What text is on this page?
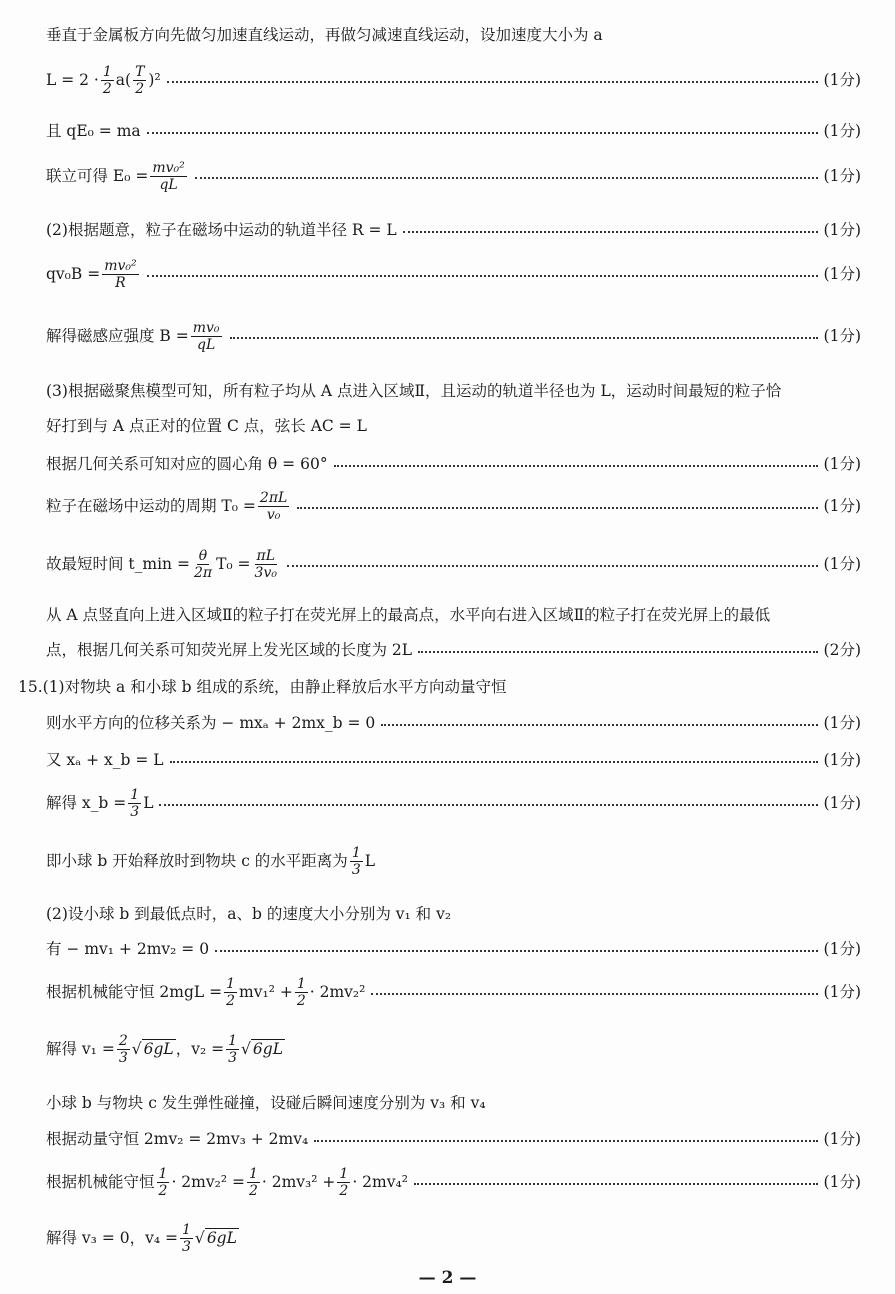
垂直于金属板方向先做匀加速直线运动，再做匀减速直线运动，设加速度大小为 a
$L = 2 \cdot \frac{1}{2} a( \frac{T}{2} )^2$	(1分)
且 qE₀ = ma	(1分)
联立可得 $E_0 = \frac{\text{mv₀²}}{qL}$	(1分)
(2)根据题意，粒子在磁场中运动的轨道半径 R = L	(1分)
$qv_0B = \frac{\text{mv₀²}}{R}$	(1分)
解得磁感应强度 $B = \frac{\text{mv₀}}{qL}$	(1分)
(3)根据磁聚焦模型可知，所有粒子均从 A 点进入区域Ⅱ，且运动的轨道半径也为 L，运动时间最短的粒子恰
好打到与 A 点正对的位置 C 点，弦长 AC = L
根据几何关系可知对应的圆心角 θ = 60°	(1分)
粒子在磁场中运动的周期 $T_0 = \frac{2\pi L}{\text{v₀}}$	(1分)
故最短时间 t_min = $\frac{\theta}{2\pi} T_0 = \frac{\pi L}{\text{3v₀}}$	(1分)
从 A 点竖直向上进入区域Ⅱ的粒子打在荧光屏上的最高点，水平向右进入区域Ⅱ的粒子打在荧光屏上的最低
点，根据几何关系可知荧光屏上发光区域的长度为 2L	(2分)
15.(1)对物块 a 和小球 b 组成的系统，由静止释放后水平方向动量守恒
则水平方向的位移关系为 − mxₐ + 2mx_b = 0	(1分)
又 xₐ + x_b = L	(1分)
解得 x_b = $\frac{1}{3}$ L	(1分)
即小球 b 开始释放时到物块 c 的水平距离为 $\frac{1}{3}$ L
(2)设小球 b 到最低点时，a、b 的速度大小分别为 v₁ 和 v₂
有 − mv₁ + 2mv₂ = 0	(1分)
根据机械能守恒 $2mgL = \frac{1}{2} mv_1^2 + \frac{1}{2} \cdot 2mv_2^2$	(1分)
解得 $v_1 = \frac{2}{3}$ √ 6gL ，$v_2 = \frac{1}{3}$ √ 6gL
小球 b 与物块 c 发生弹性碰撞，设碰后瞬间速度分别为 v₃ 和 v₄
根据动量守恒 2mv₂ = 2mv₃ + 2mv₄	(1分)
根据机械能守恒 $\frac{1}{2} \cdot 2mv_2^2 = \frac{1}{2} \cdot 2mv_3^2 + \frac{1}{2} \cdot 2mv_4^2$	(1分)
解得 v₃ = 0，$v_4 = \frac{1}{3}$ √ 6gL
— 2 —
